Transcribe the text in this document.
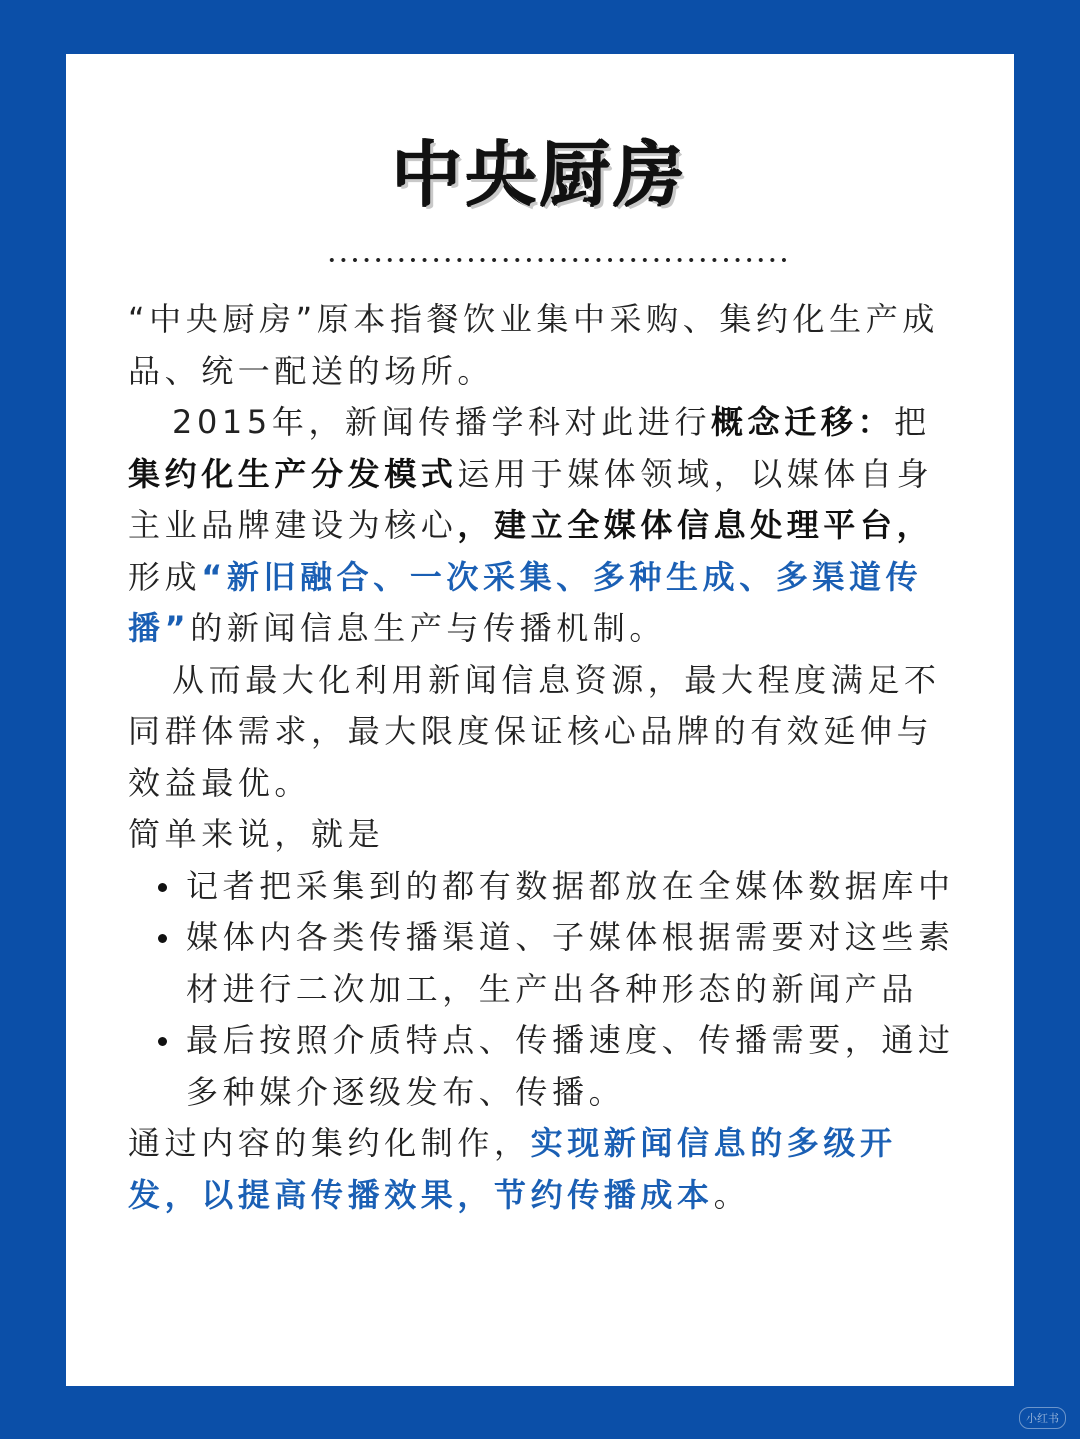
中央厨房

“中央厨房”原本指餐饮业集中采购、集约化生产成品、统一配送的场所。

2015年，新闻传播学科对此进行概念迁移：把集约化生产分发模式运用于媒体领域，以媒体自身主业品牌建设为核心，建立全媒体信息处理平台，形成“新旧融合、一次采集、多种生成、多渠道传播”的新闻信息生产与传播机制。

从而最大化利用新闻信息资源，最大程度满足不同群体需求，最大限度保证核心品牌的有效延伸与效益最优。

简单来说，就是

记者把采集到的都有数据都放在全媒体数据库中
媒体内各类传播渠道、子媒体根据需要对这些素材进行二次加工，生产出各种形态的新闻产品
最后按照介质特点、传播速度、传播需要，通过多种媒介逐级发布、传播。

通过内容的集约化制作，实现新闻信息的多级开发，以提高传播效果，节约传播成本。

小红书
